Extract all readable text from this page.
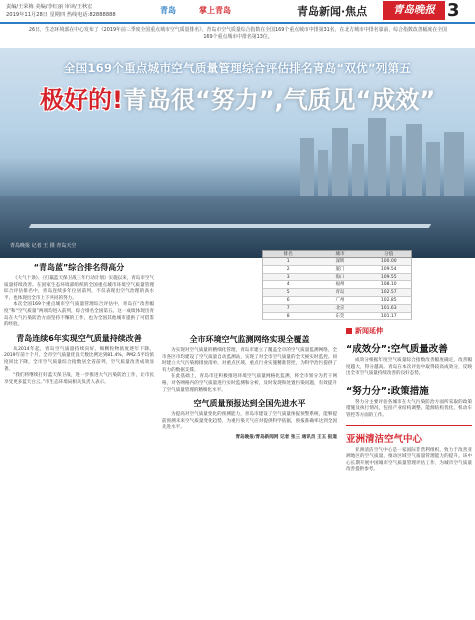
责编/王荣梅 美编/李红丽 审读/王秋宏
2019年11月28日 星期四 热线电话:82888888	青岛	掌上青岛	青岛新闻·焦点	青岛晚报 3
26日，生态环境部在中心发布了《2019年前三季度全国重点城市空气质量排名》，青岛市空气质量综合指数在全国169个重点城市中排第31名，在北方城市中排名靠前，综合指数改善幅度在全国169个重点城市中排名第13位。
全国169个重点城市空气质量管理综合评估排名青岛“双优”列第五
极好的!青岛很“努力”,气质见“成效”
青岛晚报 记者 王 摄 青岛天空
排名	城市	分值
1	深圳	100.00
2	厦门	109.54
3	海口	109.55
4	福州	108.10
5	青岛	102.57
6	广州	102.85
7	北京	101.63
8	东莞	101.17
“青岛蓝”综合排名得高分

《大气十条》、《打赢蓝天保卫战三年行动计划》实施以来，青岛市空气质量持续改善。在国家生态环境部组织的全国重点城市环境空气质量管理综合评估排名中，青岛连续多年位居前列，不仅表现出空气治理的高水平，也体现出全市上下共同的努力。

本次全国169个重点城市空气质量管理综合评估中，青岛在“改善幅度”和“空气质量”两项均进入前列，综合排名全国第五。这一成绩体现出青岛在大气污染防治方面坚持不懈的工作，也为全国其他城市提供了可借鉴的经验。

青岛连续6年实现空气质量持续改善

从2014年起，青岛空气质量持续向好，细颗粒物浓度逐年下降。2019年前十个月，全市空气质量优良天数比例达到81.4%，PM2.5平均浓度同比下降，全市空气质量综合指数居全省前列，空气质量改善成效显著。

“我们将继续打好蓝天保卫战，进一步推进大气污染防治工作，让市民享受更多蓝天白云。”市生态环境局相关负责人表示。

全市环境空气监测网络实现全覆盖

为实现对空气质量的精细化管理，青岛市建立了覆盖全市的空气质量监测网络，全市各区市均建设了空气质量自动监测站，实现了对全市空气质量的全天候实时监控。同时建立大气污染源排放清单，对重点区域、重点行业实施精准管控，为科学治污提供了有力的数据支撑。

在此基础上，青岛市还积极推进环境空气质量网格化监测，将全市划分为若干网格，对各网格内的空气质量进行实时监测和分析，及时发现和处置污染问题，有效提升了空气质量管理的精细化水平。

空气质量预报达到全国先进水平

为提高对空气质量变化的预测能力，青岛市建设了空气质量预报预警系统，能够提前预测未来空气质量变化趋势，为重污染天气应对提供科学依据，预报准确率达到全国先进水平。

青岛晚报/青岛新闻网 记者 张三 通讯员 王五 报道
新闻延伸
“成效分”:空气质量改善

成效分根据年度空气质量综合指数改善幅度确定，改善幅度越大，得分越高。青岛在本次评估中取得较高成效分，反映出全市空气质量持续改善的良好态势。

“努力分”:政策措施

努力分主要评估各城市在大气污染防治方面所采取的政策措施及执行情况，包括产业结构调整、能源结构优化、机动车管控等方面的工作。

亚洲清洁空气中心

亚洲清洁空气中心是一家国际非营利组织，致力于改善亚洲地区的空气质量，推动区域空气质量管理能力的提升。该中心长期开展中国城市空气质量管理评估工作，为城市空气质量改善提供参考。
